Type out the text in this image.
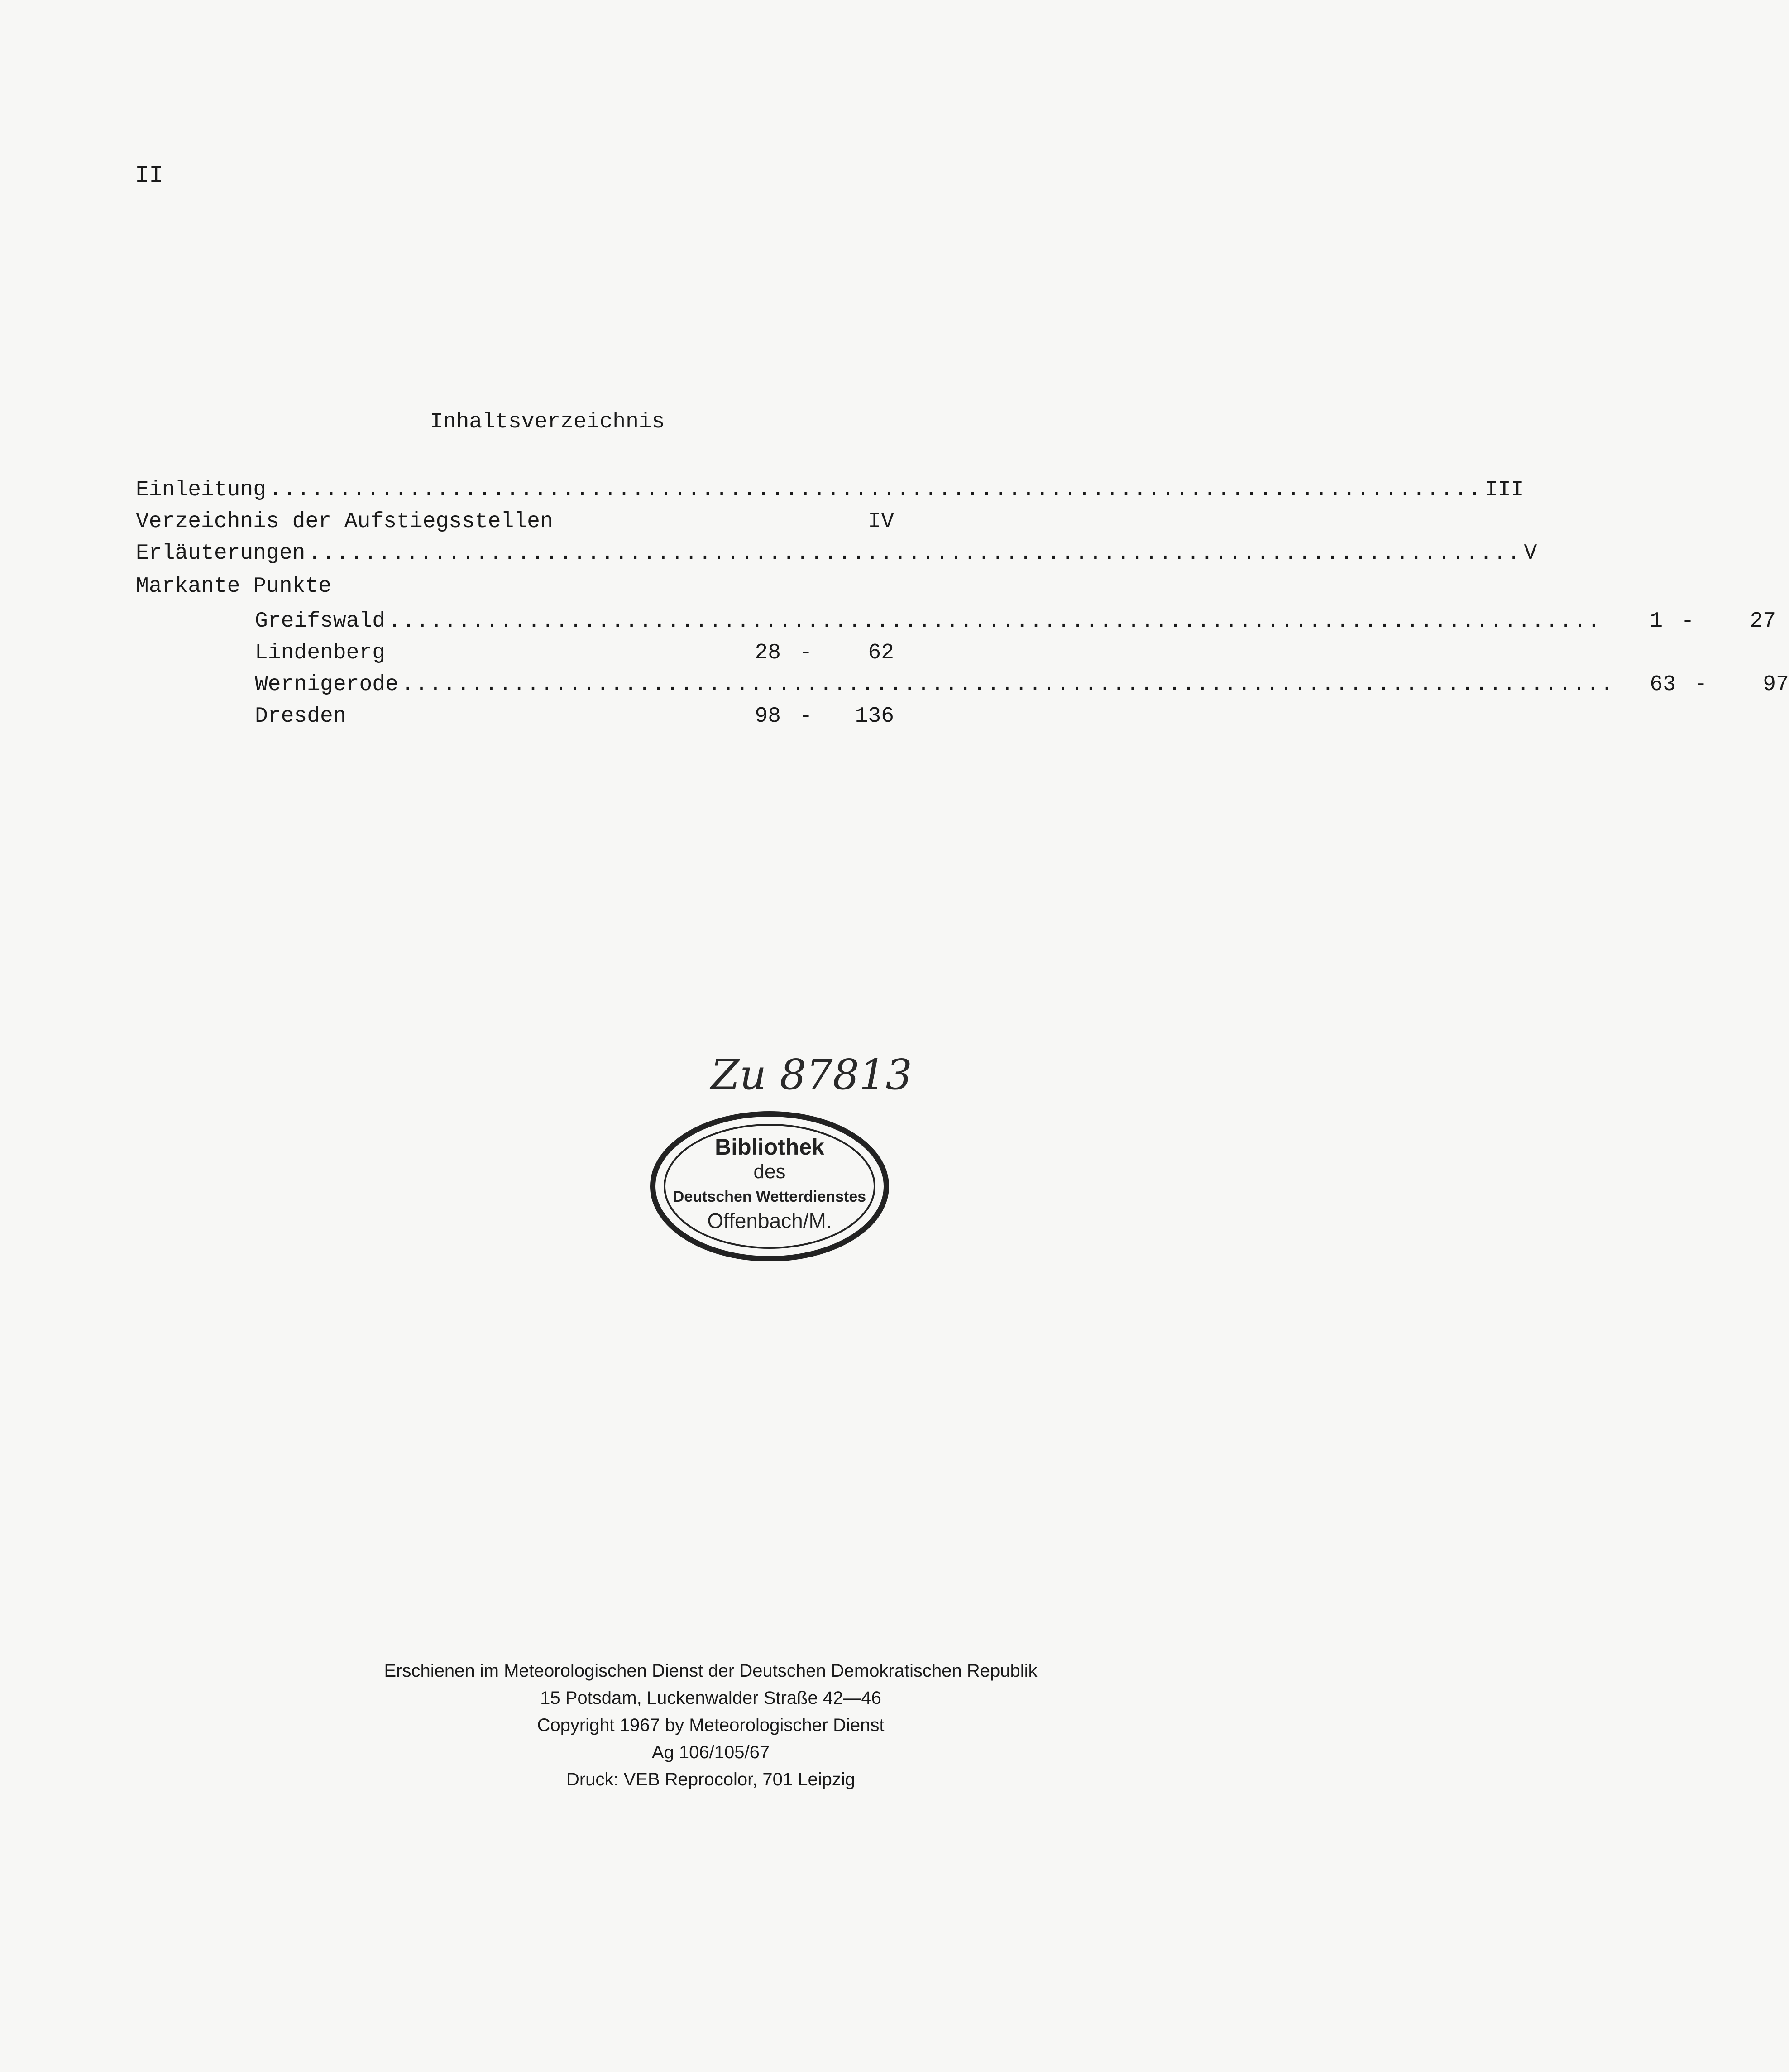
II
Inhaltsverzeichnis
Einleitung ....................................................................................... III
Verzeichnis der Aufstiegsstellen	IV
Erläuterungen ....................................................................................... V
Markante Punkte
Greifswald .......................................................................................	1 -	27
Lindenberg	28 -	62
Wernigerode .......................................................................................	63 -	97
Dresden	98 -	136
Zu 87813
Bibliothek
des
Deutschen Wetterdienstes
Offenbach/M.
Erschienen im Meteorologischen Dienst der Deutschen Demokratischen Republik
15 Potsdam, Luckenwalder Straße 42—46
Copyright 1967 by Meteorologischer Dienst
Ag 106/105/67
Druck: VEB Reprocolor, 701 Leipzig
